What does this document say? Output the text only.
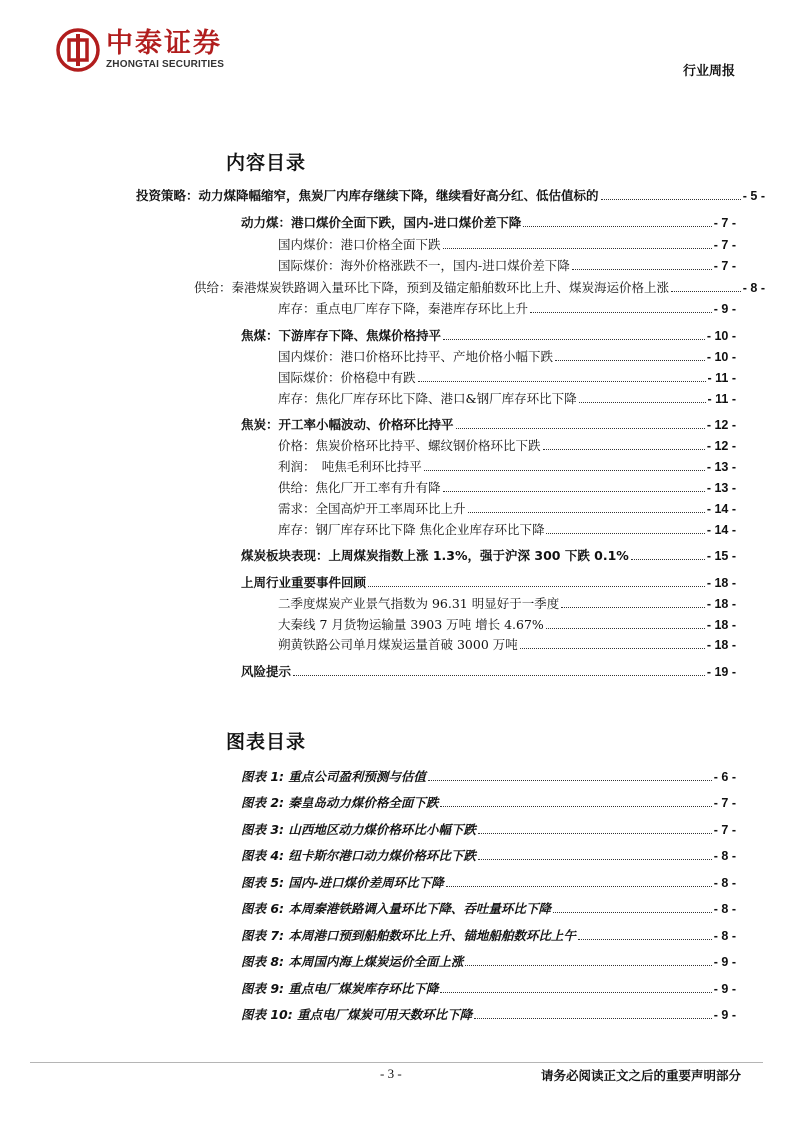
中泰证券
ZHONGTAI SECURITIES	行业周报
内容目录
投资策略：动力煤降幅缩窄，焦炭厂内库存继续下降，继续看好高分红、低估值标的	- 5 -
动力煤：港口煤价全面下跌，国内-进口煤价差下降	- 7 -
国内煤价：港口价格全面下跌	- 7 -
国际煤价：海外价格涨跌不一，国内-进口煤价差下降	- 7 -
供给：秦港煤炭铁路调入量环比下降，预到及锚定船舶数环比上升、煤炭海运价格上涨	- 8 -
库存：重点电厂库存下降，秦港库存环比上升	- 9 -
焦煤：下游库存下降、焦煤价格持平	- 10 -
国内煤价：港口价格环比持平、产地价格小幅下跌	- 10 -
国际煤价：价格稳中有跌	- 11 -
库存：焦化厂库存环比下降、港口&钢厂库存环比下降	- 11 -
焦炭：开工率小幅波动、价格环比持平	- 12 -
价格：焦炭价格环比持平、螺纹钢价格环比下跌	- 12 -
利润：　吨焦毛利环比持平	- 13 -
供给：焦化厂开工率有升有降	- 13 -
需求：全国高炉开工率周环比上升	- 14 -
库存：钢厂库存环比下降 焦化企业库存环比下降	- 14 -
煤炭板块表现：上周煤炭指数上涨 1.3%，强于沪深 300 下跌 0.1%	- 15 -
上周行业重要事件回顾	- 18 -
二季度煤炭产业景气指数为 96.31 明显好于一季度	- 18 -
大秦线 7 月货物运输量 3903 万吨 增长 4.67%	- 18 -
朔黄铁路公司单月煤炭运量首破 3000 万吨	- 18 -
风险提示	- 19 -
图表目录
图表 1: 重点公司盈利预测与估值	- 6 -
图表 2: 秦皇岛动力煤价格全面下跌	- 7 -
图表 3: 山西地区动力煤价格环比小幅下跌	- 7 -
图表 4: 纽卡斯尔港口动力煤价格环比下跌	- 8 -
图表 5: 国内-进口煤价差周环比下降	- 8 -
图表 6: 本周秦港铁路调入量环比下降、吞吐量环比下降	- 8 -
图表 7: 本周港口预到船舶数环比上升、锚地船舶数环比上午	- 8 -
图表 8: 本周国内海上煤炭运价全面上涨	- 9 -
图表 9: 重点电厂煤炭库存环比下降	- 9 -
图表 10: 重点电厂煤炭可用天数环比下降	- 9 -
- 3 -	请务必阅读正文之后的重要声明部分
